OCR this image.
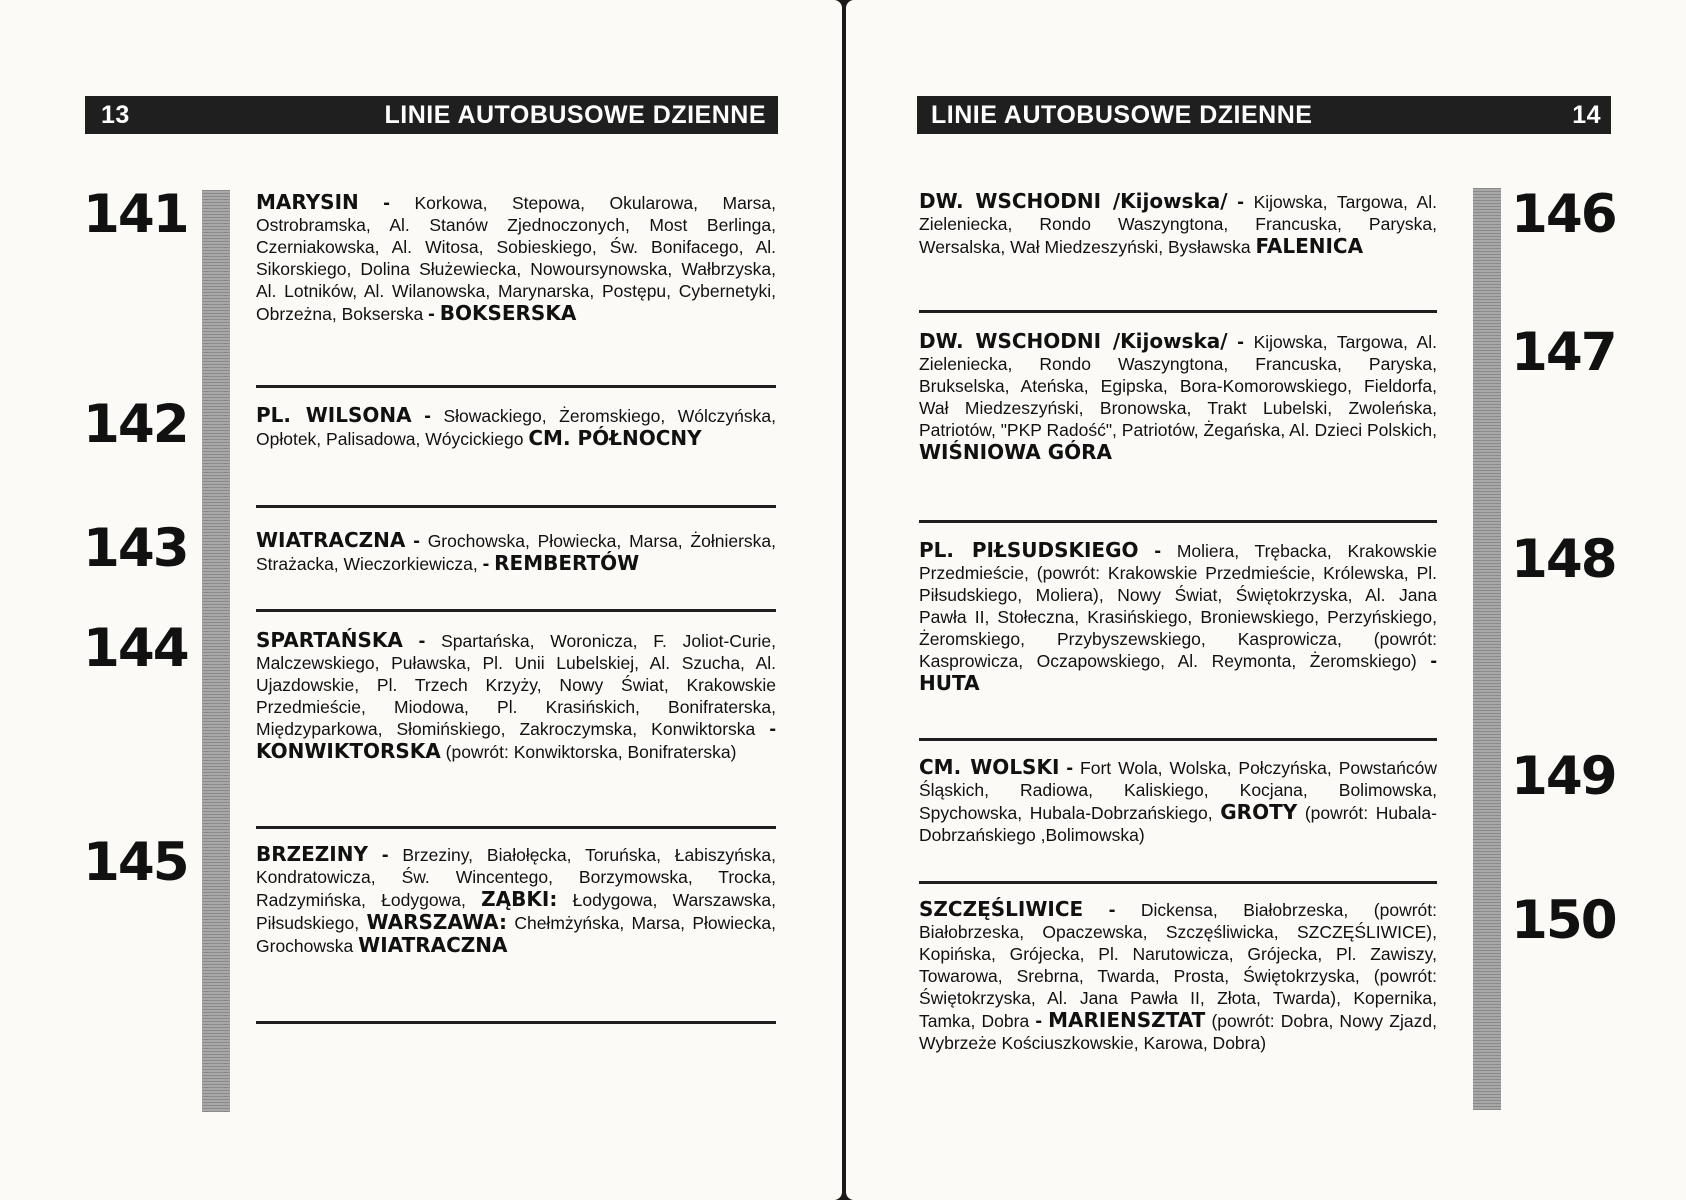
13	LINIE AUTOBUSOWE DZIENNE
141
142
143
144
145
MARYSIN - Korkowa, Stepowa, Okularowa, Marsa, Ostrobramska, Al. Stanów Zjednoczonych, Most Berlinga, Czerniakowska, Al. Witosa, Sobieskiego, Św. Bonifacego, Al. Sikorskiego, Dolina Służewiecka, Nowoursynowska, Wałbrzyska, Al. Lotników, Al. Wilanowska, Marynarska, Postępu, Cybernetyki, Obrzeżna, Bokserska - BOKSERSKA
PL. WILSONA - Słowackiego, Żeromskiego, Wólczyńska, Opłotek, Palisadowa, Wóycickiego CM. PÓŁNOCNY
WIATRACZNA - Grochowska, Płowiecka, Marsa, Żołnierska, Strażacka, Wieczorkiewicza, - REMBERTÓW
SPARTAŃSKA - Spartańska, Woronicza, F. Joliot-Curie, Malczewskiego, Puławska, Pl. Unii Lubelskiej, Al. Szucha, Al. Ujazdowskie, Pl. Trzech Krzyży, Nowy Świat, Krakowskie Przedmieście, Miodowa, Pl. Krasińskich, Bonifraterska, Międzyparkowa, Słomińskiego, Zakroczymska, Konwiktorska - KONWIKTORSKA (powrót: Konwiktorska, Bonifraterska)
BRZEZINY - Brzeziny, Białołęcka, Toruńska, Łabiszyńska, Kondratowicza, Św. Wincentego, Borzymowska, Trocka, Radzymińska, Łodygowa, ZĄBKI: Łodygowa, Warszawska, Piłsudskiego, WARSZAWA: Chełmżyńska, Marsa, Płowiecka, Grochowska WIATRACZNA
LINIE AUTOBUSOWE DZIENNE	14
146
147
148
149
150
DW. WSCHODNI /Kijowska/ - Kijowska, Targowa, Al. Zieleniecka, Rondo Waszyngtona, Francuska, Paryska, Wersalska, Wał Miedzeszyński, Bysławska FALENICA
DW. WSCHODNI /Kijowska/ - Kijowska, Targowa, Al. Zieleniecka, Rondo Waszyngtona, Francuska, Paryska, Brukselska, Ateńska, Egipska, Bora-Komorowskiego, Fieldorfa, Wał Miedzeszyński, Bronowska, Trakt Lubelski, Zwoleńska, Patriotów, "PKP Radość", Patriotów, Żegańska, Al. Dzieci Polskich, WIŚNIOWA GÓRA
PL. PIŁSUDSKIEGO - Moliera, Trębacka, Krakowskie Przedmieście, (powrót: Krakowskie Przedmieście, Królewska, Pl. Piłsudskiego, Moliera), Nowy Świat, Świętokrzyska, Al. Jana Pawła II, Stołeczna, Krasińskiego, Broniewskiego, Perzyńskiego, Żeromskiego, Przybyszewskiego, Kasprowicza, (powrót: Kasprowicza, Oczapowskiego, Al. Reymonta, Żeromskiego) - HUTA
CM. WOLSKI - Fort Wola, Wolska, Połczyńska, Powstańców Śląskich, Radiowa, Kaliskiego, Kocjana, Bolimowska, Spychowska, Hubala-Dobrzańskiego, GROTY (powrót: Hubala-Dobrzańskiego ,Bolimowska)
SZCZĘŚLIWICE - Dickensa, Białobrzeska, (powrót: Białobrzeska, Opaczewska, Szczęśliwicka, SZCZĘŚLIWICE), Kopińska, Grójecka, Pl. Narutowicza, Grójecka, Pl. Zawiszy, Towarowa, Srebrna, Twarda, Prosta, Świętokrzyska, (powrót: Świętokrzyska, Al. Jana Pawła II, Złota, Twarda), Kopernika, Tamka, Dobra - MARIENSZTAT (powrót: Dobra, Nowy Zjazd, Wybrzeże Kościuszkowskie, Karowa, Dobra)
